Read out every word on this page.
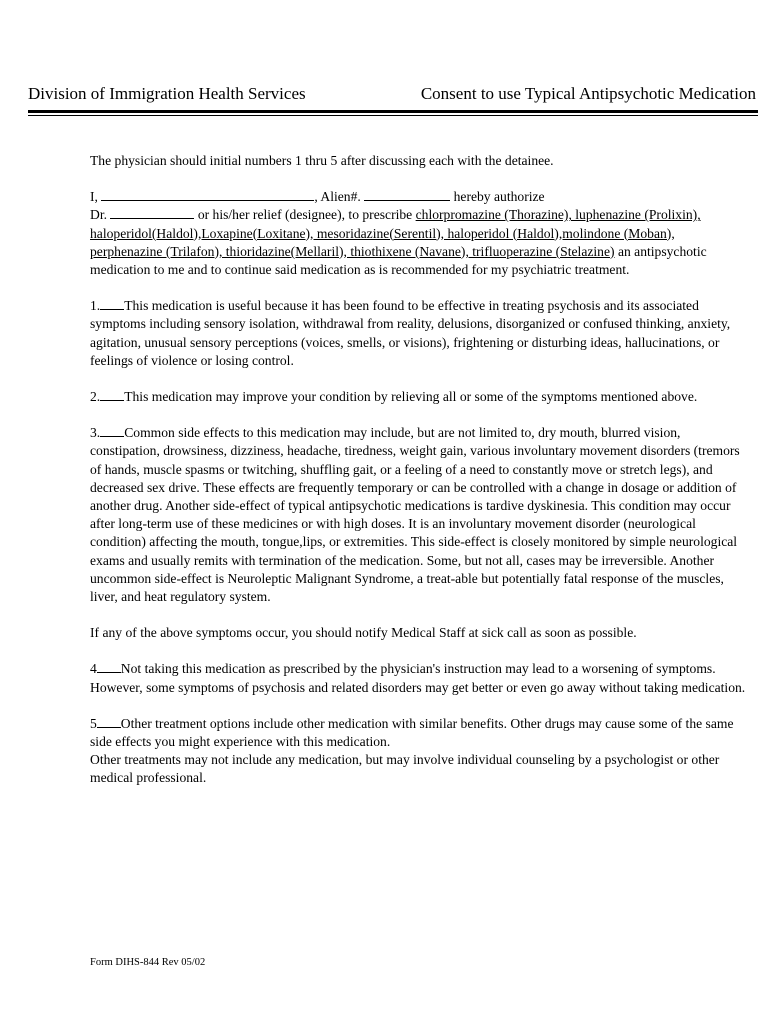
Division of Immigration Health Services	Consent to use Typical Antipsychotic Medication

The physician should initial numbers 1 thru 5 after discussing each with the detainee.

I,	, Alien#.	hereby authorize
Dr.	or his/her relief (designee), to prescribe chlorpromazine (Thorazine), luphenazine (Prolixin), haloperidol(Haldol),Loxapine(Loxitane), mesoridazine(Serentil), haloperidol (Haldol),molindone (Moban), perphenazine (Trilafon), thioridazine(Mellaril), thiothixene (Navane), trifluoperazine (Stelazine) an antipsychotic medication to me and to continue said medication as is recommended for my psychiatric treatment.

1. This medication is useful because it has been found to be effective in treating psychosis and its associated symptoms including sensory isolation, withdrawal from reality, delusions, disorganized or confused thinking, anxiety, agitation, unusual sensory perceptions (voices, smells, or visions), frightening or disturbing ideas, hallucinations, or feelings of violence or losing control.

2. This medication may improve your condition by relieving all or some of the symptoms mentioned above.

3. Common side effects to this medication may include, but are not limited to, dry mouth, blurred vision, constipation, drowsiness, dizziness, headache, tiredness, weight gain, various involuntary movement disorders (tremors of hands, muscle spasms or twitching, shuffling gait, or a feeling of a need to constantly move or stretch legs), and decreased sex drive. These effects are frequently temporary or can be controlled with a change in dosage or addition of another drug. Another side-effect of typical antipsychotic medications is tardive dyskinesia. This condition may occur after long-term use of these medicines or with high doses. It is an involuntary movement disorder (neurological condition) affecting the mouth, tongue,lips, or extremities. This side-effect is closely monitored by simple neurological exams and usually remits with termination of the medication. Some, but not all, cases may be irreversible. Another uncommon side-effect is Neuroleptic Malignant Syndrome, a treat-able but potentially fatal response of the muscles, liver, and heat regulatory system.

If any of the above symptoms occur, you should notify Medical Staff at sick call as soon as possible.

4 Not taking this medication as prescribed by the physician's instruction may lead to a worsening of symptoms. However, some symptoms of psychosis and related disorders may get better or even go away without taking medication.

5 Other treatment options include other medication with similar benefits. Other drugs may cause some of the same side effects you might experience with this medication.
Other treatments may not include any medication, but may involve individual counseling by a psychologist or other medical professional.

Form DIHS-844 Rev 05/02
